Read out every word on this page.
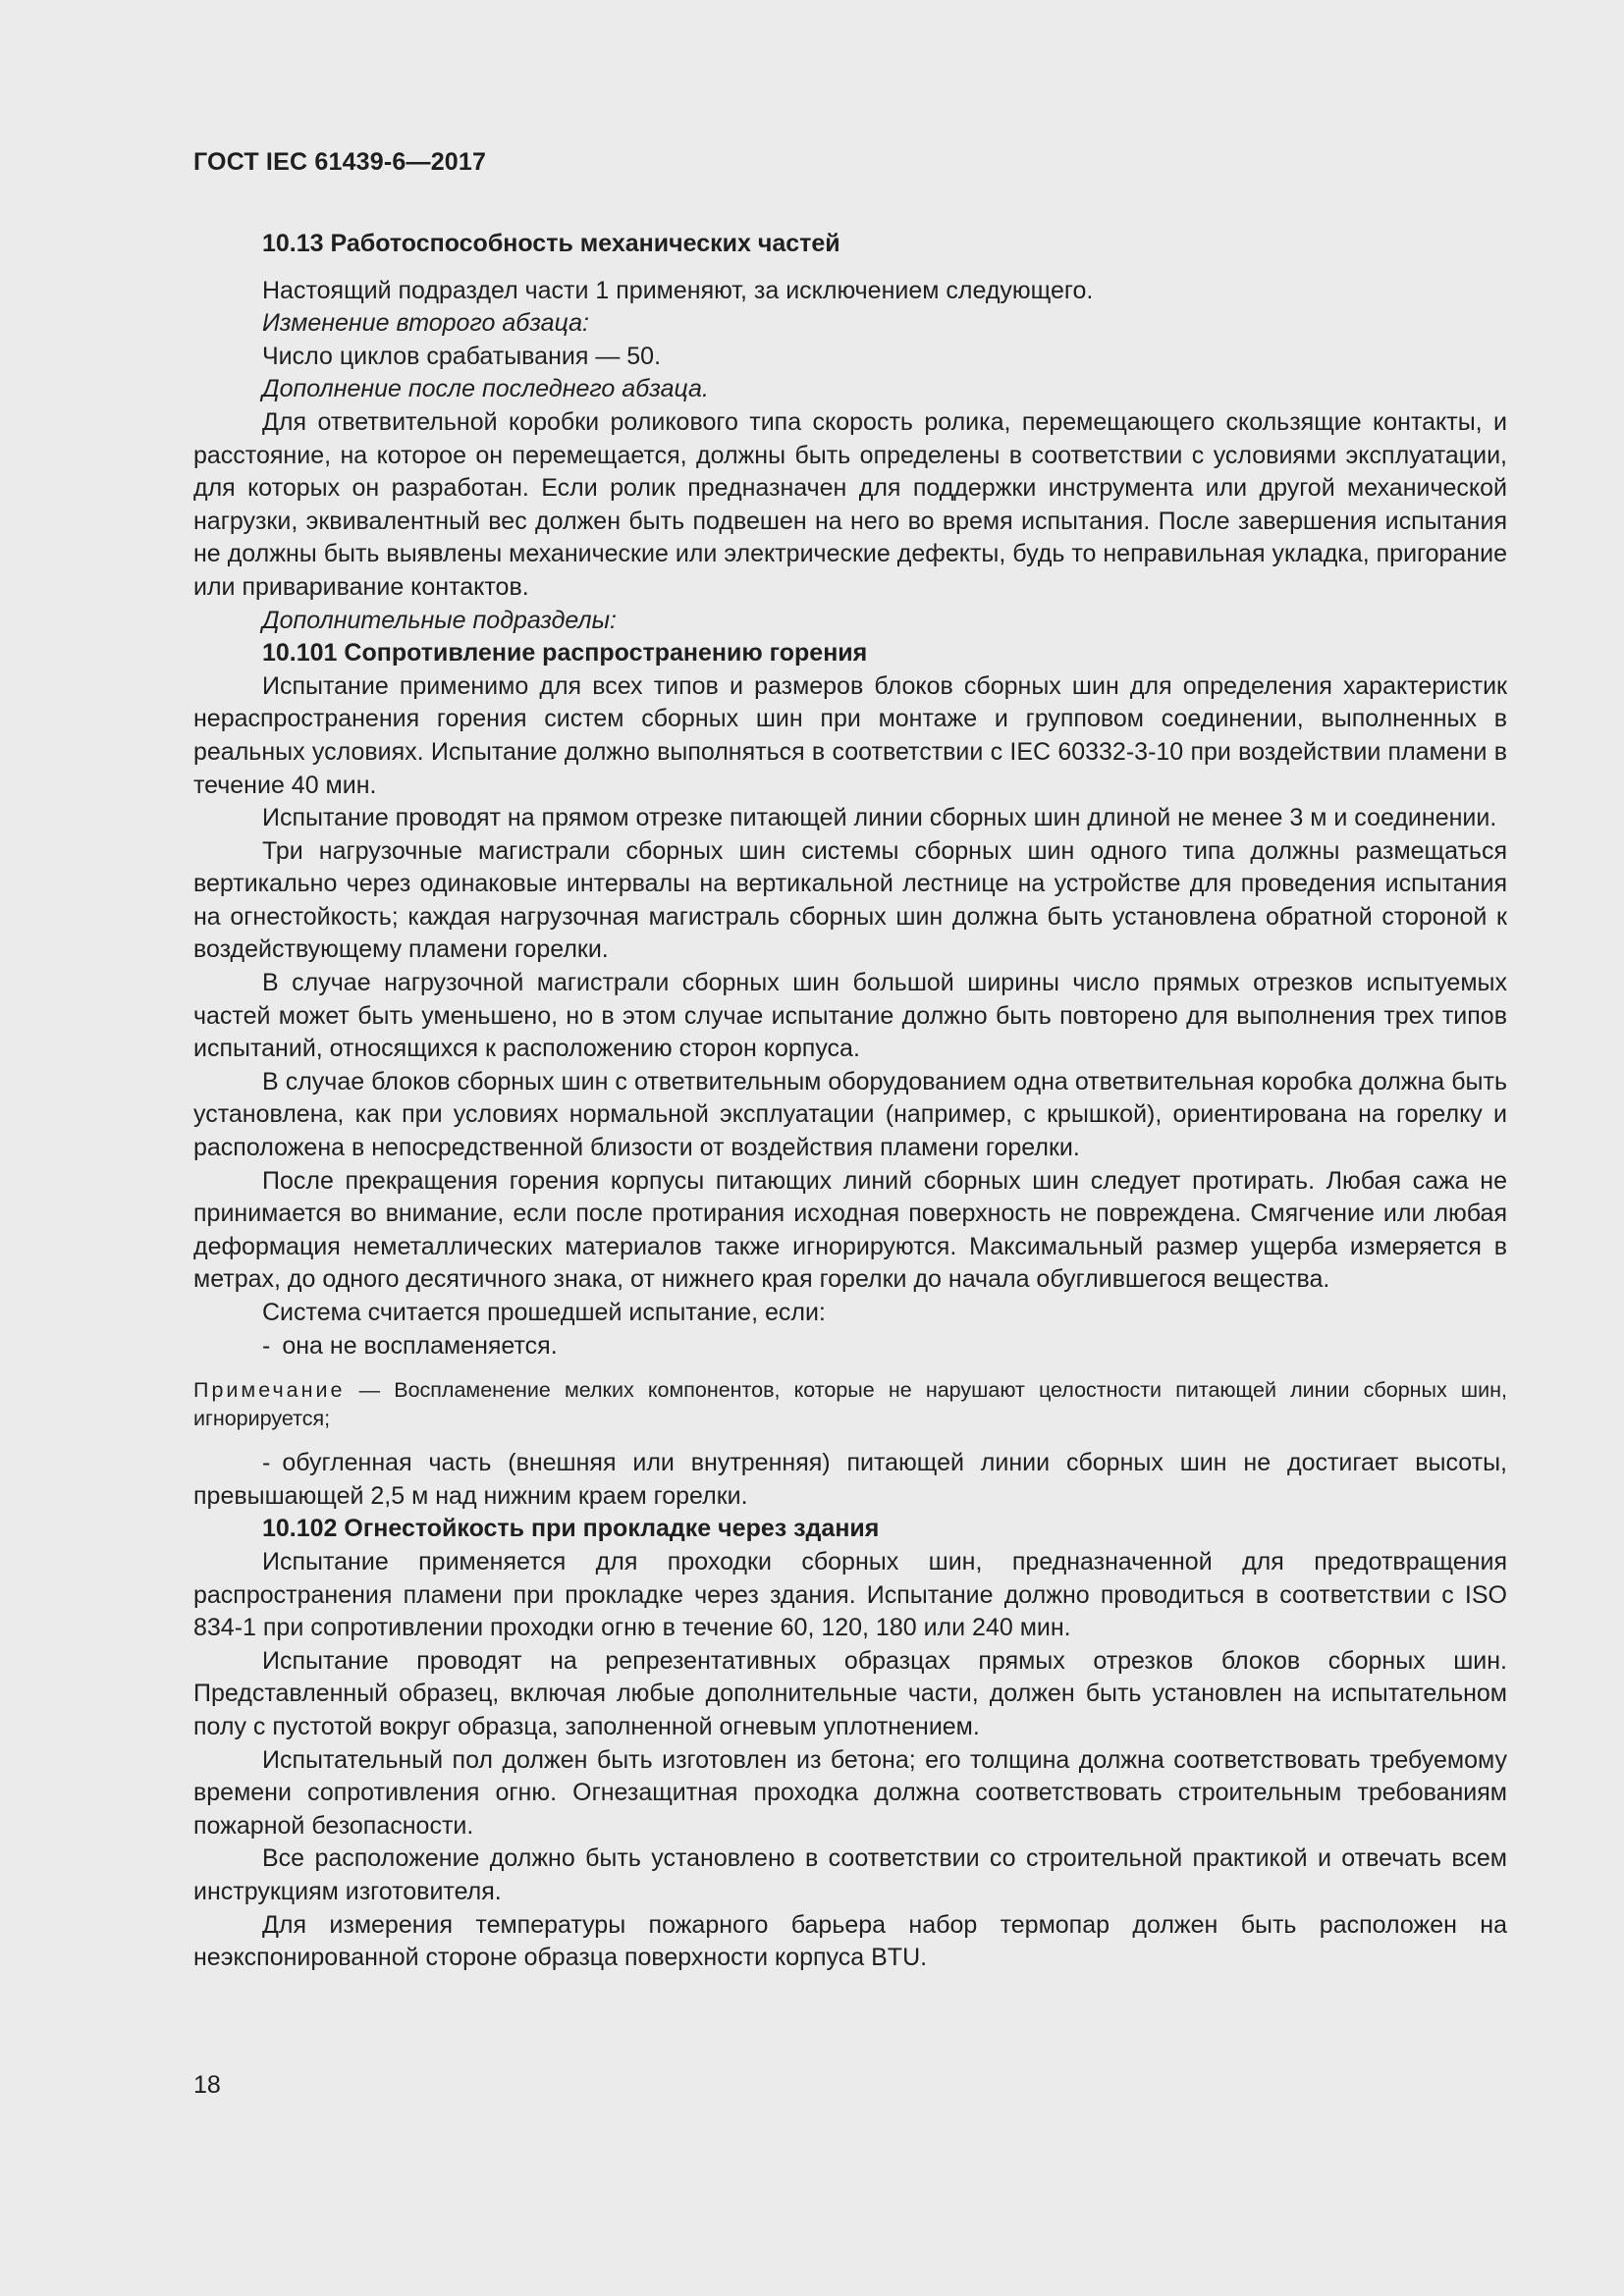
ГОСТ IEC 61439-6—2017

10.13 Работоспособность механических частей

Настоящий подраздел части 1 применяют, за исключением следующего.

Изменение второго абзаца:

Число циклов срабатывания — 50.

Дополнение после последнего абзаца.

Для ответвительной коробки роликового типа скорость ролика, перемещающего скользящие контакты, и расстояние, на которое он перемещается, должны быть определены в соответствии с условиями эксплуатации, для которых он разработан. Если ролик предназначен для поддержки инструмента или другой механической нагрузки, эквивалентный вес должен быть подвешен на него во время испытания. После завершения испытания не должны быть выявлены механические или электрические дефекты, будь то неправильная укладка, пригорание или приваривание контактов.

Дополнительные подразделы:

10.101 Сопротивление распространению горения

Испытание применимо для всех типов и размеров блоков сборных шин для определения характеристик нераспространения горения систем сборных шин при монтаже и групповом соединении, выполненных в реальных условиях. Испытание должно выполняться в соответствии с IEC 60332-3-10 при воздействии пламени в течение 40 мин.

Испытание проводят на прямом отрезке питающей линии сборных шин длиной не менее 3 м и соединении.

Три нагрузочные магистрали сборных шин системы сборных шин одного типа должны размещаться вертикально через одинаковые интервалы на вертикальной лестнице на устройстве для проведения испытания на огнестойкость; каждая нагрузочная магистраль сборных шин должна быть установлена обратной стороной к воздействующему пламени горелки.

В случае нагрузочной магистрали сборных шин большой ширины число прямых отрезков испытуемых частей может быть уменьшено, но в этом случае испытание должно быть повторено для выполнения трех типов испытаний, относящихся к расположению сторон корпуса.

В случае блоков сборных шин с ответвительным оборудованием одна ответвительная коробка должна быть установлена, как при условиях нормальной эксплуатации (например, с крышкой), ориентирована на горелку и расположена в непосредственной близости от воздействия пламени горелки.

После прекращения горения корпусы питающих линий сборных шин следует протирать. Любая сажа не принимается во внимание, если после протирания исходная поверхность не повреждена. Смягчение или любая деформация неметаллических материалов также игнорируются. Максимальный размер ущерба измеряется в метрах, до одного десятичного знака, от нижнего края горелки до начала обуглившегося вещества.

Система считается прошедшей испытание, если:

- она не воспламеняется.

Примечание — Воспламенение мелких компонентов, которые не нарушают целостности питающей линии сборных шин, игнорируется;

- обугленная часть (внешняя или внутренняя) питающей линии сборных шин не достигает высоты, превышающей 2,5 м над нижним краем горелки.

10.102 Огнестойкость при прокладке через здания

Испытание применяется для проходки сборных шин, предназначенной для предотвращения распространения пламени при прокладке через здания. Испытание должно проводиться в соответствии с ISO 834-1 при сопротивлении проходки огню в течение 60, 120, 180 или 240 мин.

Испытание проводят на репрезентативных образцах прямых отрезков блоков сборных шин. Представленный образец, включая любые дополнительные части, должен быть установлен на испытательном полу с пустотой вокруг образца, заполненной огневым уплотнением.

Испытательный пол должен быть изготовлен из бетона; его толщина должна соответствовать требуемому времени сопротивления огню. Огнезащитная проходка должна соответствовать строительным требованиям пожарной безопасности.

Все расположение должно быть установлено в соответствии со строительной практикой и отвечать всем инструкциям изготовителя.

Для измерения температуры пожарного барьера набор термопар должен быть расположен на неэкспонированной стороне образца поверхности корпуса BTU.

18
